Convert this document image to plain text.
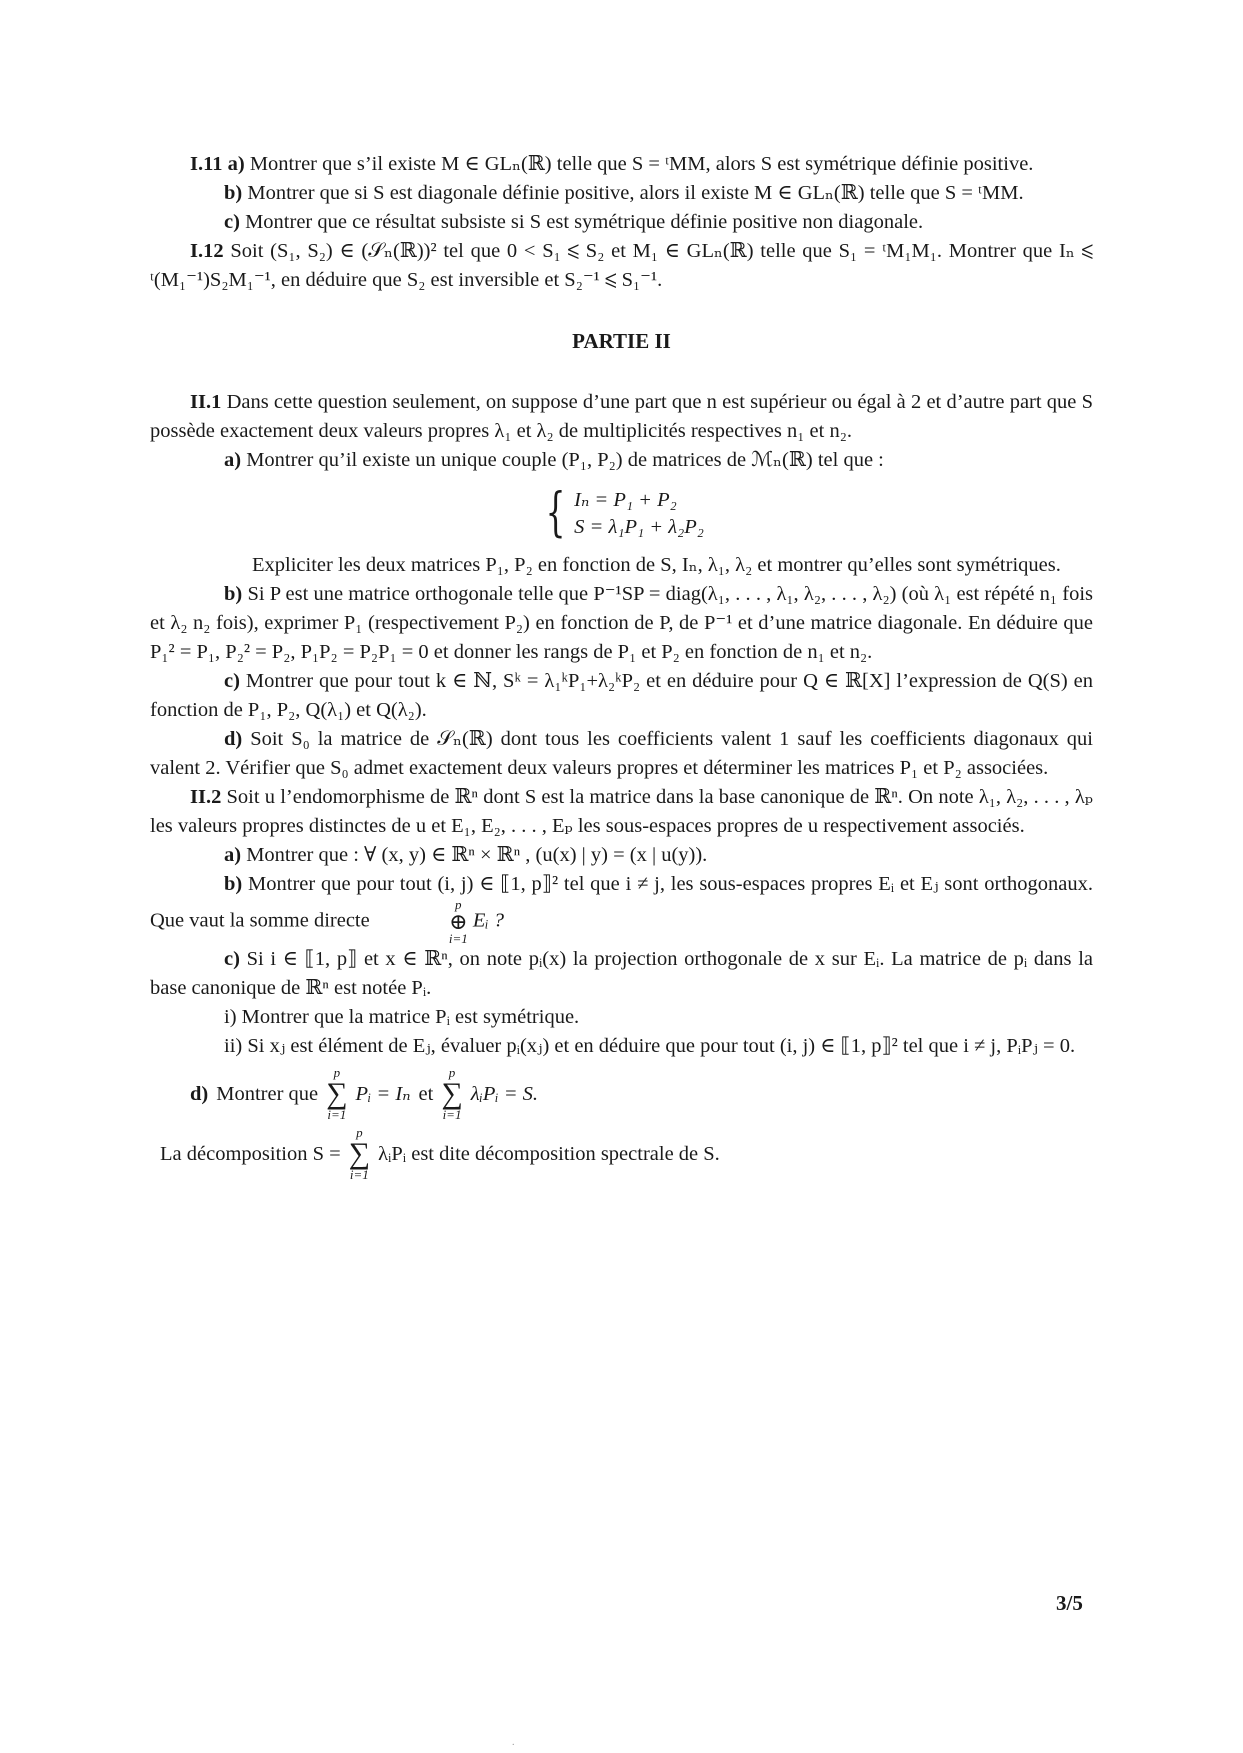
I.11 a) Montrer que s’il existe M ∈ GLₙ(ℝ) telle que S = ᵗMM, alors S est symétrique définie positive.

b) Montrer que si S est diagonale définie positive, alors il existe M ∈ GLₙ(ℝ) telle que S = ᵗMM.

c) Montrer que ce résultat subsiste si S est symétrique définie positive non diagonale.

I.12 Soit (S₁, S₂) ∈ (𝒮ₙ(ℝ))² tel que 0 < S₁ ⩽ S₂ et M₁ ∈ GLₙ(ℝ) telle que S₁ = ᵗM₁M₁. Montrer que Iₙ ⩽ ᵗ(M₁⁻¹)S₂M₁⁻¹, en déduire que S₂ est inversible et S₂⁻¹ ⩽ S₁⁻¹.

PARTIE II

II.1 Dans cette question seulement, on suppose d’une part que n est supérieur ou égal à 2 et d’autre part que S possède exactement deux valeurs propres λ₁ et λ₂ de multiplicités respectives n₁ et n₂.

a) Montrer qu’il existe un unique couple (P₁, P₂) de matrices de ℳₙ(ℝ) tel que :

{ Iₙ = P₁ + P₂
S = λ₁P₁ + λ₂P₂

Expliciter les deux matrices P₁, P₂ en fonction de S, Iₙ, λ₁, λ₂ et montrer qu’elles sont symétriques.

b) Si P est une matrice orthogonale telle que P⁻¹SP = diag(λ₁, . . . , λ₁, λ₂, . . . , λ₂) (où λ₁ est répété n₁ fois et λ₂ n₂ fois), exprimer P₁ (respectivement P₂) en fonction de P, de P⁻¹ et d’une matrice diagonale. En déduire que P₁² = P₁, P₂² = P₂, P₁P₂ = P₂P₁ = 0 et donner les rangs de P₁ et P₂ en fonction de n₁ et n₂.

c) Montrer que pour tout k ∈ ℕ, Sᵏ = λ₁ᵏP₁+λ₂ᵏP₂ et en déduire pour Q ∈ ℝ[X] l’expression de Q(S) en fonction de P₁, P₂, Q(λ₁) et Q(λ₂).

d) Soit S₀ la matrice de 𝒮ₙ(ℝ) dont tous les coefficients valent 1 sauf les coefficients diagonaux qui valent 2. Vérifier que S₀ admet exactement deux valeurs propres et déterminer les matrices P₁ et P₂ associées.

II.2 Soit u l’endomorphisme de ℝⁿ dont S est la matrice dans la base canonique de ℝⁿ. On note λ₁, λ₂, . . . , λₚ les valeurs propres distinctes de u et E₁, E₂, . . . , Eₚ les sous-espaces propres de u respectivement associés.

a) Montrer que : ∀ (x, y) ∈ ℝⁿ × ℝⁿ , (u(x) | y) = (x | u(y)).

b) Montrer que pour tout (i, j) ∈ ⟦1, p⟧² tel que i ≠ j, les sous-espaces propres Eᵢ et Eⱼ sont orthogonaux. Que vaut la somme directe
p
⊕
i=1
Eᵢ ?

c) Si i ∈ ⟦1, p⟧ et x ∈ ℝⁿ, on note pᵢ(x) la projection orthogonale de x sur Eᵢ. La matrice de pᵢ dans la base canonique de ℝⁿ est notée Pᵢ.

i) Montrer que la matrice Pᵢ est symétrique.

ii) Si xⱼ est élément de Eⱼ, évaluer pᵢ(xⱼ) et en déduire que pour tout (i, j) ∈ ⟦1, p⟧² tel que i ≠ j, PᵢPⱼ = 0.

d) Montrer que
p
∑
i=1
Pᵢ = Iₙ et
p
∑
i=1
λᵢPᵢ = S.
La décomposition S =
p
∑
i=1
λᵢPᵢ est dite décomposition spectrale de S.
3/5
.
